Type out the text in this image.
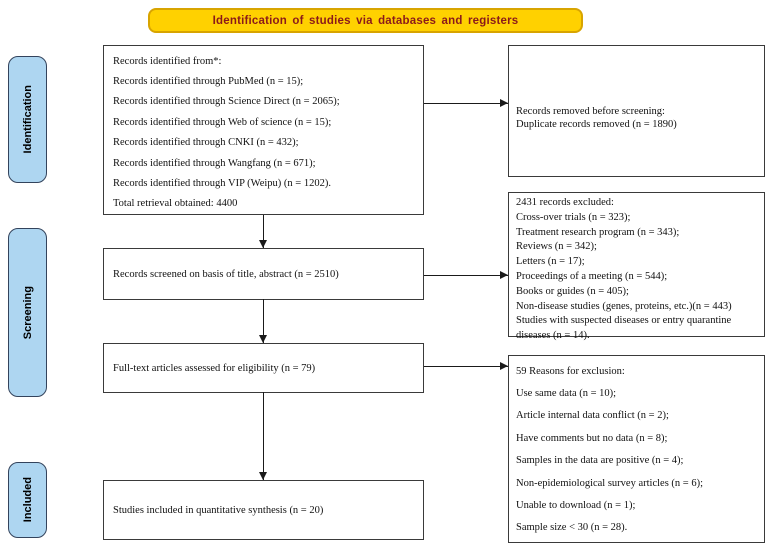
Identification of studies via databases and registers
Identification
Screening
Included
Records identified from*:
Records identified through PubMed (n = 15);
Records identified through Science Direct (n = 2065);
Records identified through Web of science (n = 15);
Records identified through CNKI (n = 432);
Records identified through Wangfang (n = 671);
Records identified through VIP (Weipu) (n = 1202).
Total retrieval obtained: 4400
Records removed before screening:
Duplicate records removed (n = 1890)
Records screened on basis of title, abstract (n = 2510)
2431 records excluded:
Cross-over trials (n = 323);
Treatment research program (n = 343);
Reviews (n = 342);
Letters (n = 17);
Proceedings of a meeting (n = 544);
Books or guides (n = 405);
Non-disease studies (genes, proteins, etc.)(n = 443)
Studies with suspected diseases or entry quarantine diseases (n = 14).
Full-text articles assessed for eligibility (n = 79)	59 Reasons for exclusion:
Use same data (n = 10);
Article internal data conflict (n = 2);
Have comments but no data (n = 8);
Samples in the data are positive (n = 4);
Non-epidemiological survey articles (n = 6);
Unable to download (n = 1);
Sample size < 30 (n = 28).
Studies included in quantitative synthesis (n = 20)
